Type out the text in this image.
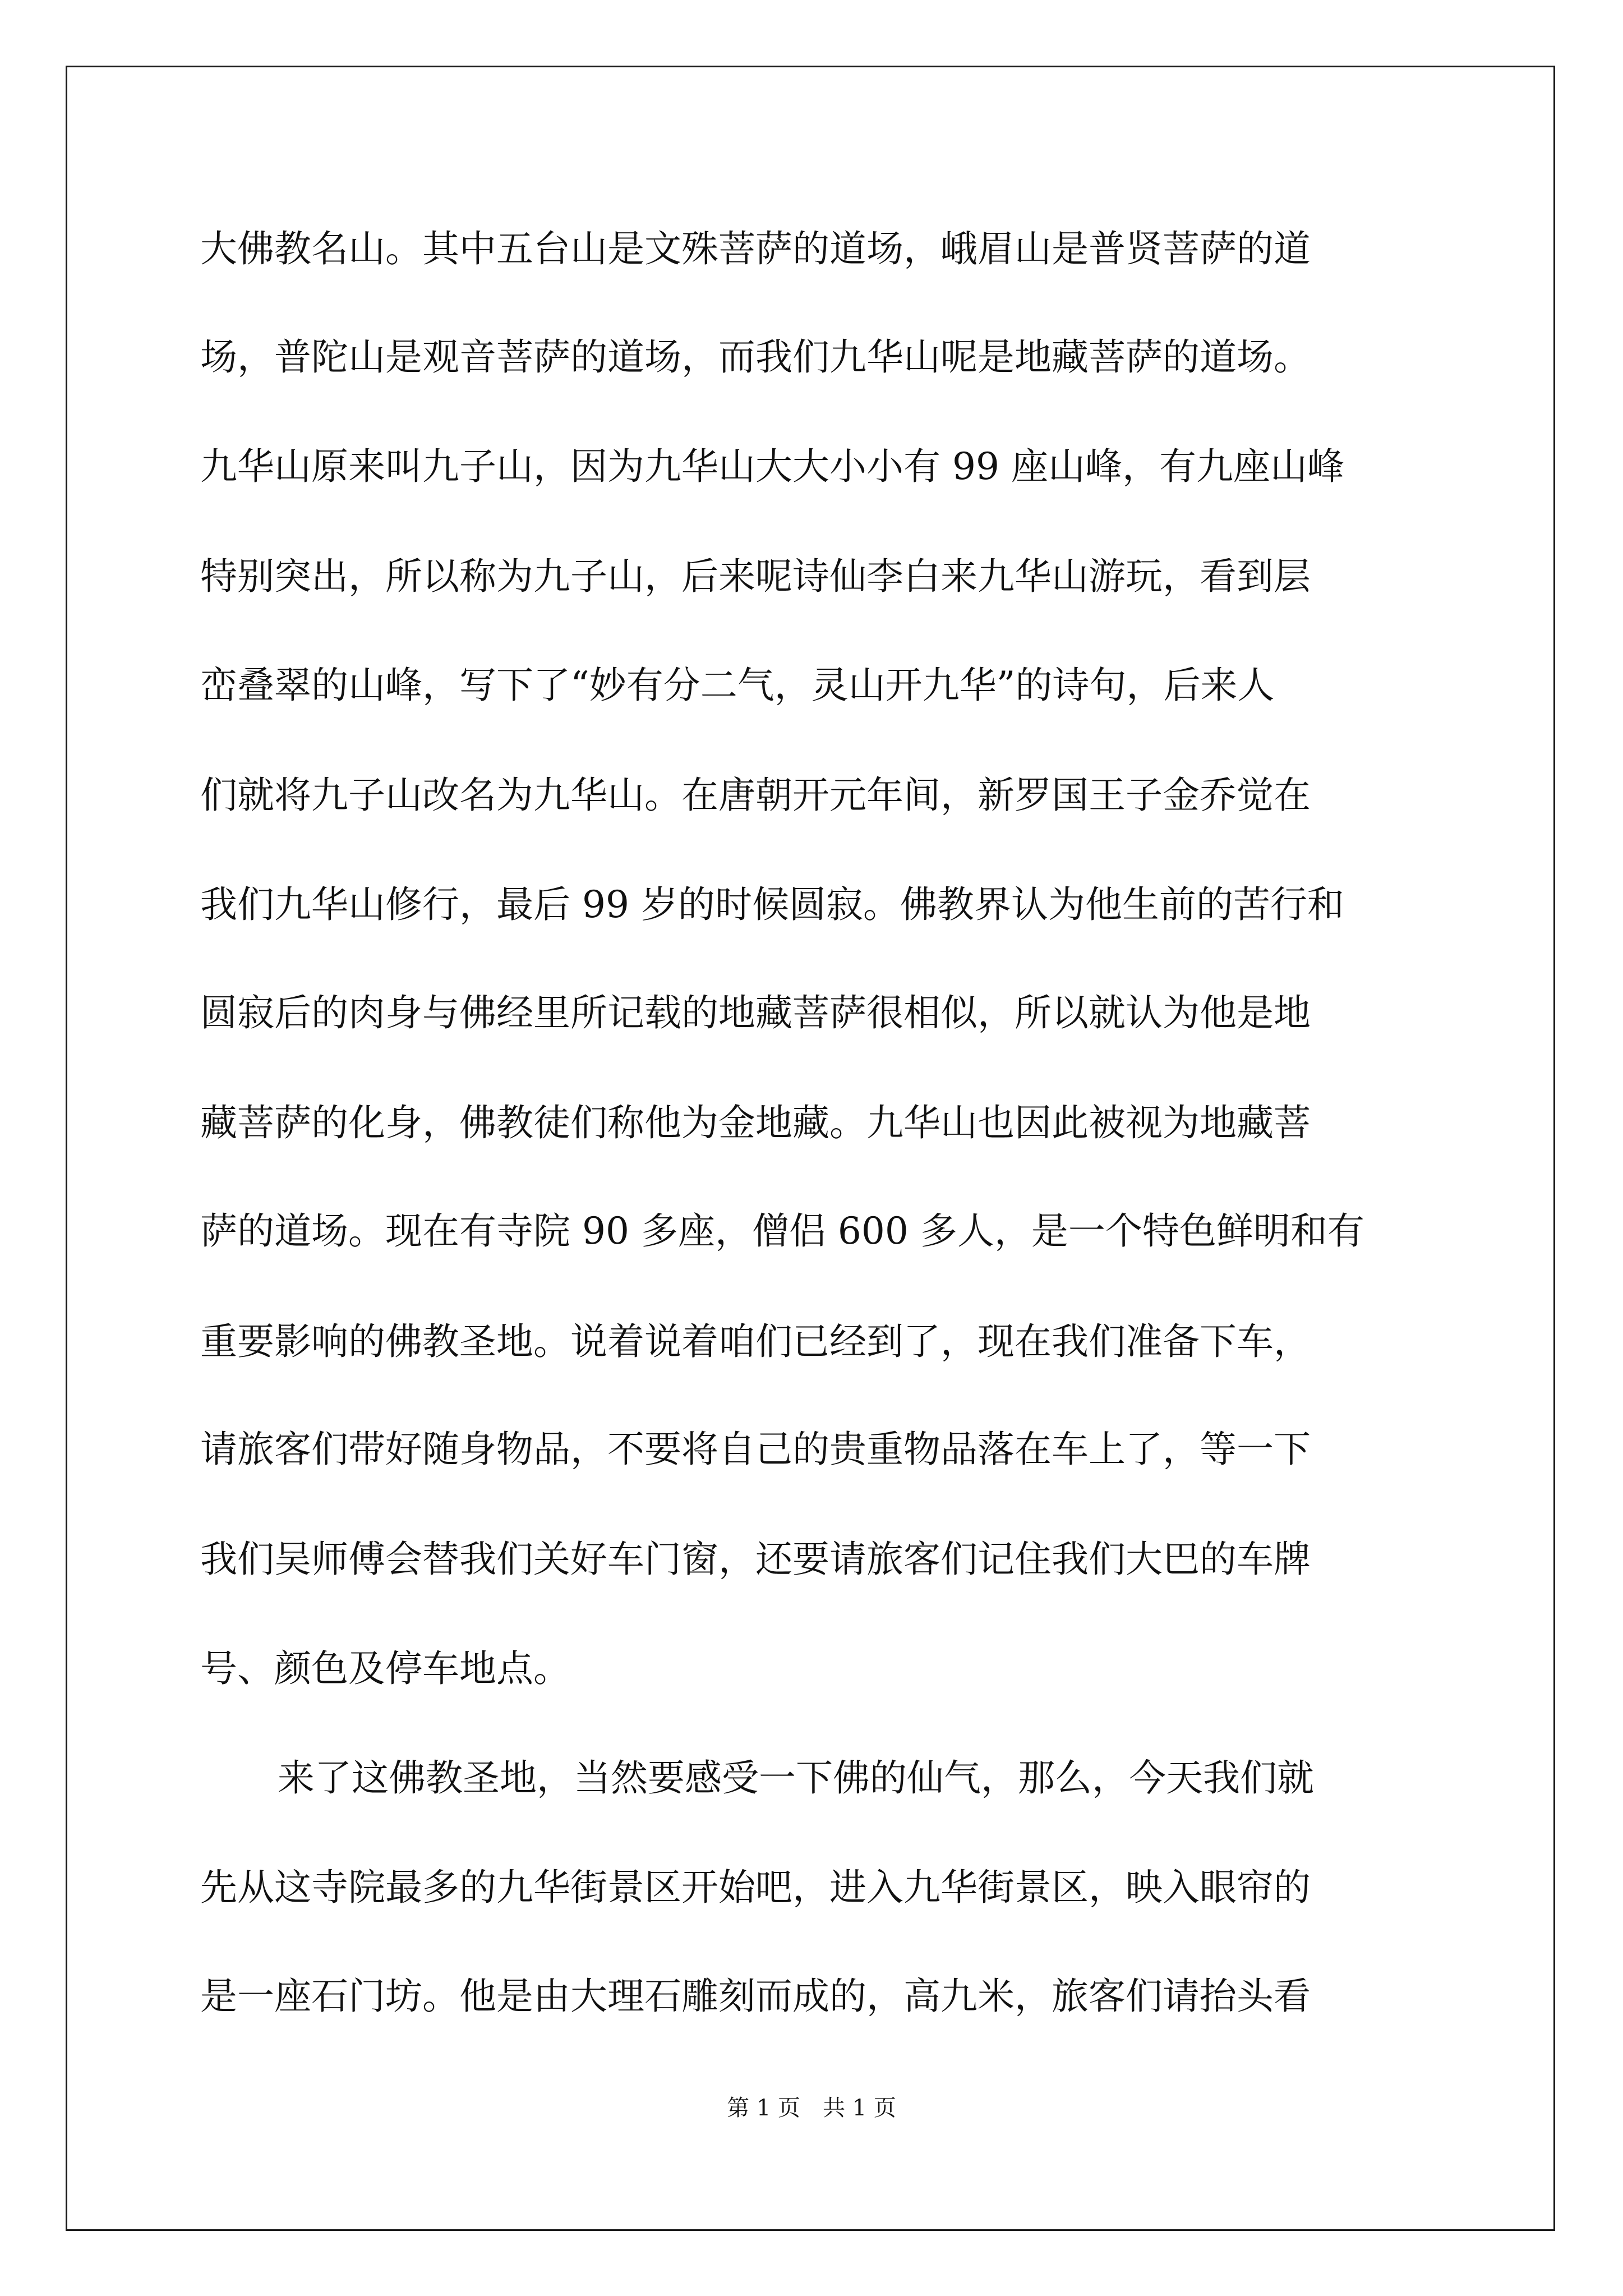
大佛教名山。其中五台山是文殊菩萨的道场，峨眉山是普贤菩萨的道
场，普陀山是观音菩萨的道场，而我们九华山呢是地藏菩萨的道场。
九华山原来叫九子山，因为九华山大大小小有 99 座山峰，有九座山峰
特别突出，所以称为九子山，后来呢诗仙李白来九华山游玩，看到层
峦叠翠的山峰，写下了“妙有分二气，灵山开九华”的诗句，后来人
们就将九子山改名为九华山。在唐朝开元年间，新罗国王子金乔觉在
我们九华山修行，最后 99 岁的时候圆寂。佛教界认为他生前的苦行和
圆寂后的肉身与佛经里所记载的地藏菩萨很相似，所以就认为他是地
藏菩萨的化身，佛教徒们称他为金地藏。九华山也因此被视为地藏菩
萨的道场。现在有寺院 90 多座，僧侣 600 多人，是一个特色鲜明和有
重要影响的佛教圣地。说着说着咱们已经到了，现在我们准备下车，
请旅客们带好随身物品，不要将自己的贵重物品落在车上了，等一下
我们吴师傅会替我们关好车门窗，还要请旅客们记住我们大巴的车牌
号、颜色及停车地点。
来了这佛教圣地，当然要感受一下佛的仙气，那么，今天我们就
先从这寺院最多的九华街景区开始吧，进入九华街景区，映入眼帘的
是一座石门坊。他是由大理石雕刻而成的，高九米，旅客们请抬头看
第 1 页　共 1 页
